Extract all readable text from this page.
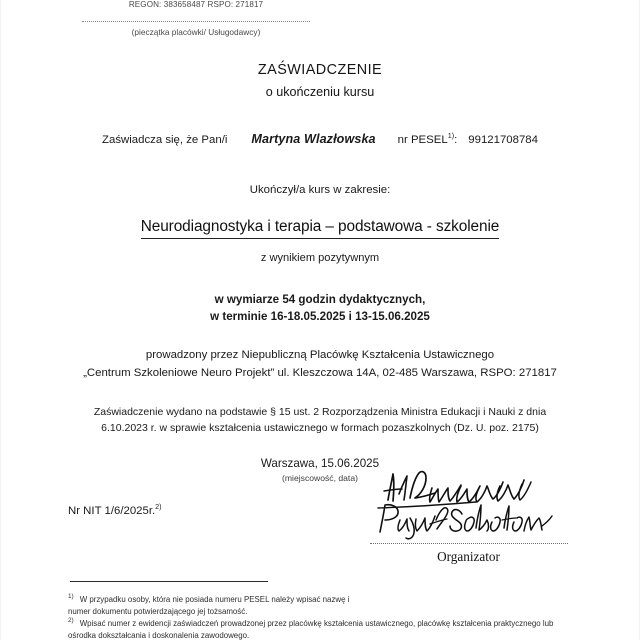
REGON: 383658487 RSPO: 271817
(pieczątka placówki/ Usługodawcy)
ZAŚWIADCZENIE
o ukończeniu kursu
Zaświadcza się, że Pan/i Martyna Wlazłowska nr PESEL$^{1)}$: 99121708784
Ukończył/a kurs w zakresie:
Neurodiagnostyka i terapia – podstawowa - szkolenie
z wynikiem pozytywnym
w wymiarze 54 godzin dydaktycznych,
w terminie 16-18.05.2025 i 13-15.06.2025
prowadzony przez Niepubliczną Placówkę Kształcenia Ustawicznego
„Centrum Szkoleniowe Neuro Projekt” ul. Kleszczowa 14A, 02-485 Warszawa, RSPO: 271817
Zaświadczenie wydano na podstawie § 15 ust. 2 Rozporządzenia Ministra Edukacji i Nauki z dnia
6.10.2023 r. w sprawie kształcenia ustawicznego w formach pozaszkolnych (Dz. U. poz. 2175)
Warszawa, 15.06.2025
(miejscowość, data)
Nr NIT 1/6/2025r.$^{2)}$
Organizator
$^{1)}$ W przypadku osoby, która nie posiada numeru PESEL należy wpisać nazwę i
numer dokumentu potwierdzającego jej tożsamość.
$^{2)}$ Wpisać numer z ewidencji zaświadczeń prowadzonej przez placówkę kształcenia ustawicznego, placówkę kształcenia praktycznego lub
ośrodka dokształcania i doskonalenia zawodowego.
